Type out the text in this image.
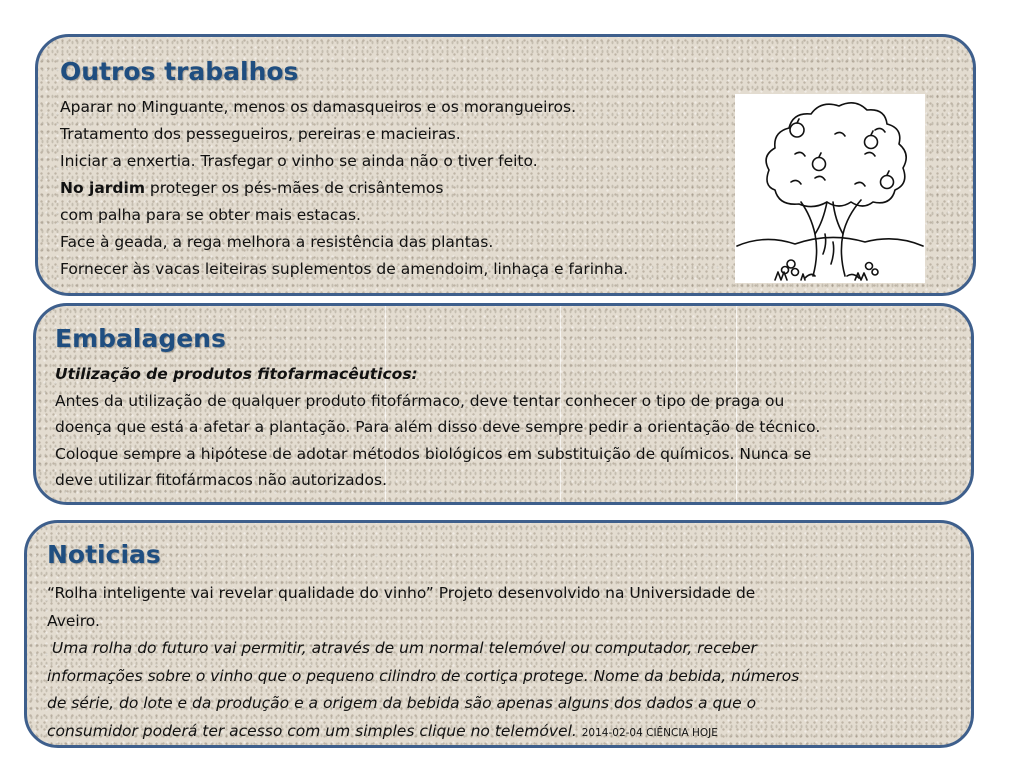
Outros trabalhos
Aparar no Minguante, menos os damasqueiros e os morangueiros.
Tratamento dos pessegueiros, pereiras e macieiras.
Iniciar a enxertia. Trasfegar o vinho se ainda não o tiver feito.
No jardim proteger os pés-mães de crisântemos
com palha para se obter mais estacas.
Face à geada, a rega melhora a resistência das plantas.
Fornecer às vacas leiteiras suplementos de amendoim, linhaça e farinha.
Embalagens
Utilização de produtos fitofarmacêuticos:
Antes da utilização de qualquer produto fitofármaco, deve tentar conhecer o tipo de praga ou
doença que está a afetar a plantação. Para além disso deve sempre pedir a orientação de técnico.
Coloque sempre a hipótese de adotar métodos biológicos em substituição de químicos. Nunca se
deve utilizar fitofármacos não autorizados.
Noticias
“Rolha inteligente vai revelar qualidade do vinho” Projeto desenvolvido na Universidade de
Aveiro.
Uma rolha do futuro vai permitir, através de um normal telemóvel ou computador, receber
informações sobre o vinho que o pequeno cilindro de cortiça protege. Nome da bebida, números
de série, do lote e da produção e a origem da bebida são apenas alguns dos dados a que o
consumidor poderá ter acesso com um simples clique no telemóvel. 2014-02-04 CIÊNCIA HOJE
